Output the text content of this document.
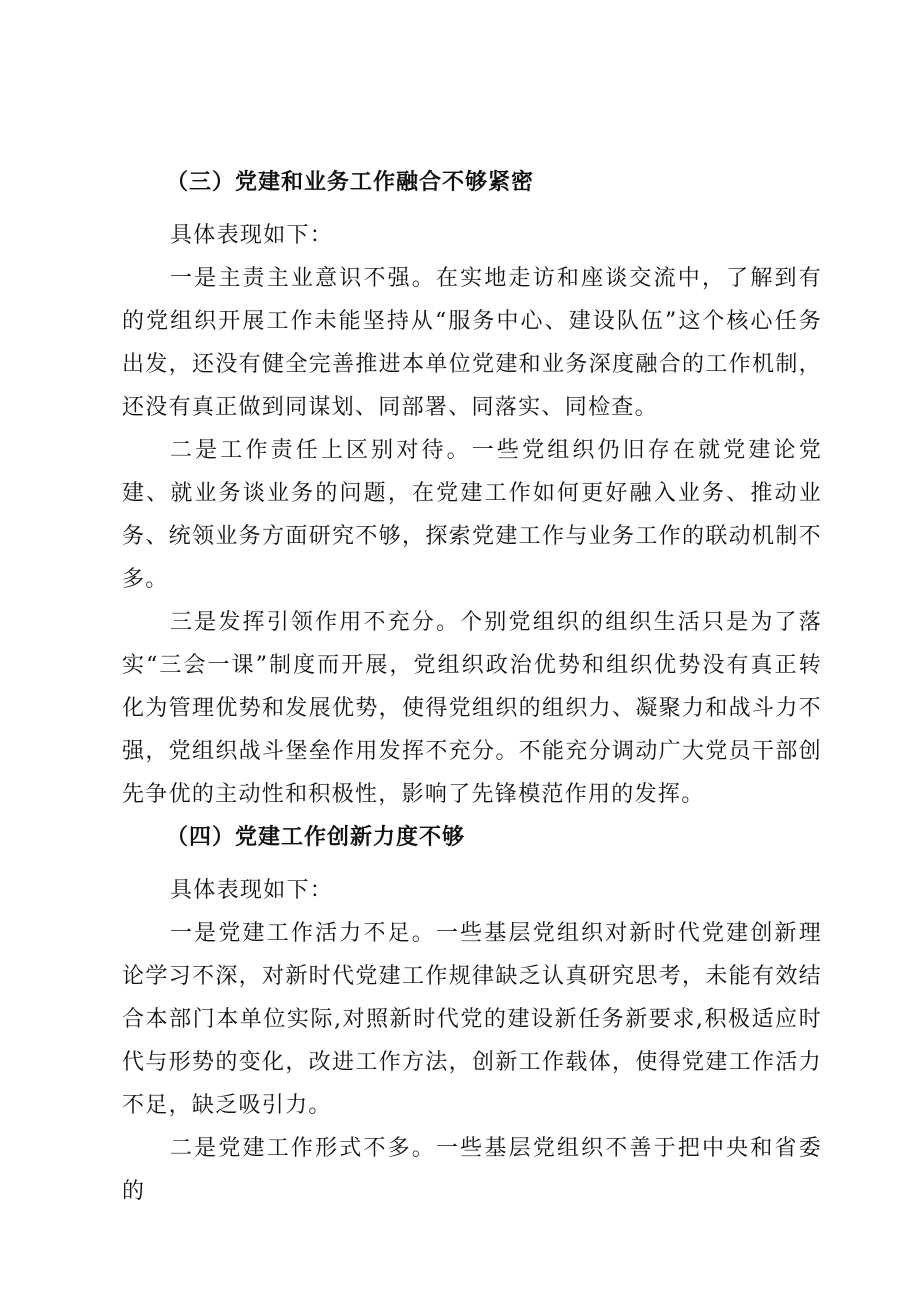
（三）党建和业务工作融合不够紧密

具体表现如下：

一是主责主业意识不强。在实地走访和座谈交流中，了解到有的党组织开展工作未能坚持从“服务中心、建设队伍”这个核心任务出发，还没有健全完善推进本单位党建和业务深度融合的工作机制，还没有真正做到同谋划、同部署、同落实、同检查。

二是工作责任上区别对待。一些党组织仍旧存在就党建论党建、就业务谈业务的问题，在党建工作如何更好融入业务、推动业务、统领业务方面研究不够，探索党建工作与业务工作的联动机制不多。

三是发挥引领作用不充分。个别党组织的组织生活只是为了落实“三会一课”制度而开展，党组织政治优势和组织优势没有真正转化为管理优势和发展优势，使得党组织的组织力、凝聚力和战斗力不强，党组织战斗堡垒作用发挥不充分。不能充分调动广大党员干部创先争优的主动性和积极性，影响了先锋模范作用的发挥。

（四）党建工作创新力度不够

具体表现如下：

一是党建工作活力不足。一些基层党组织对新时代党建创新理论学习不深，对新时代党建工作规律缺乏认真研究思考，未能有效结合本部门本单位实际,对照新时代党的建设新任务新要求,积极适应时代与形势的变化，改进工作方法，创新工作载体，使得党建工作活力不足，缺乏吸引力。

二是党建工作形式不多。一些基层党组织不善于把中央和省委的
